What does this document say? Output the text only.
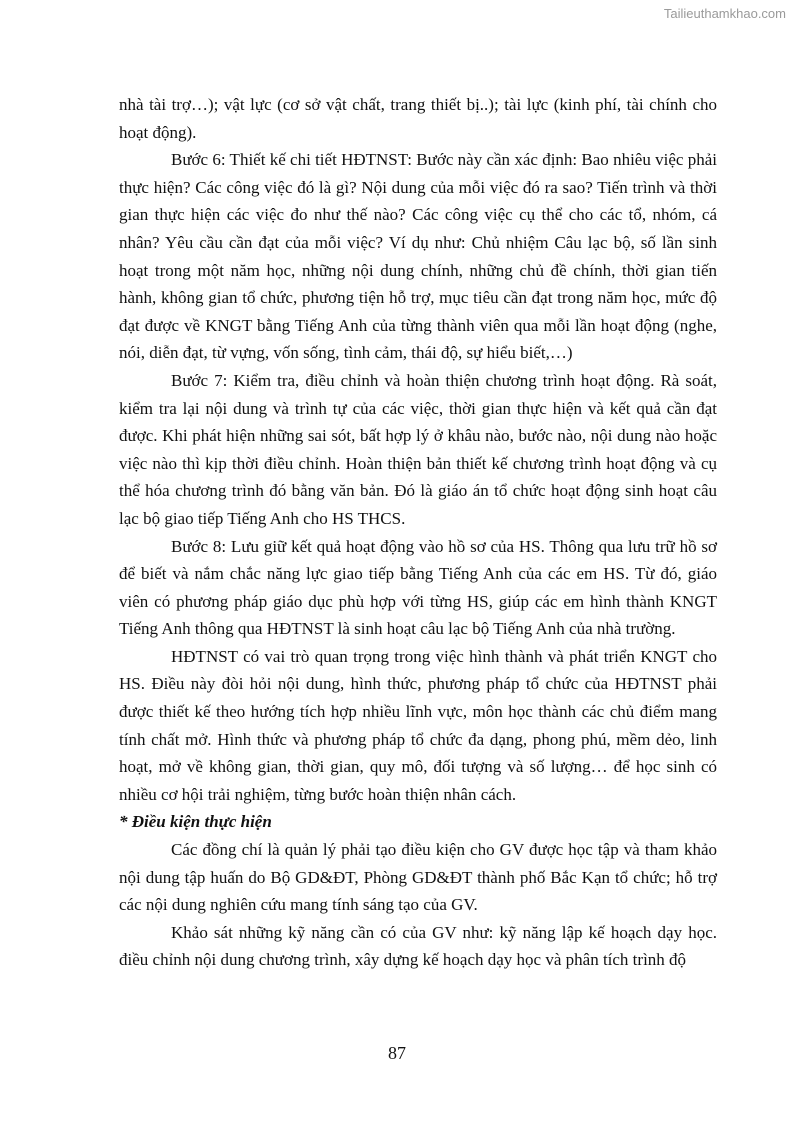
Tailieuthamkhao.com

nhà tài trợ…); vật lực (cơ sở vật chất, trang thiết bị..); tài lực (kinh phí, tài chính cho hoạt động).

Bước 6: Thiết kế chi tiết HĐTNST: Bước này cần xác định: Bao nhiêu việc phải thực hiện? Các công việc đó là gì? Nội dung của mỗi việc đó ra sao? Tiến trình và thời gian thực hiện các việc đo như thế nào? Các công việc cụ thể cho các tổ, nhóm, cá nhân? Yêu cầu cần đạt của mỗi việc? Ví dụ như: Chủ nhiệm Câu lạc bộ, số lần sinh hoạt trong một năm học, những nội dung chính, những chủ đề chính, thời gian tiến hành, không gian tổ chức, phương tiện hỗ trợ, mục tiêu cần đạt trong năm học, mức độ đạt được về KNGT bằng Tiếng Anh của từng thành viên qua mỗi lần hoạt động (nghe, nói, diễn đạt, từ vựng, vốn sống, tình cảm, thái độ, sự hiểu biết,…)

Bước 7: Kiểm tra, điều chỉnh và hoàn thiện chương trình hoạt động. Rà soát, kiểm tra lại nội dung và trình tự của các việc, thời gian thực hiện và kết quả cần đạt được. Khi phát hiện những sai sót, bất hợp lý ở khâu nào, bước nào, nội dung nào hoặc việc nào thì kịp thời điều chỉnh. Hoàn thiện bản thiết kế chương trình hoạt động và cụ thể hóa chương trình đó bằng văn bản. Đó là giáo án tổ chức hoạt động sinh hoạt câu lạc bộ giao tiếp Tiếng Anh cho HS THCS.

Bước 8: Lưu giữ kết quả hoạt động vào hồ sơ của HS. Thông qua lưu trữ hồ sơ để biết và nắm chắc năng lực giao tiếp bằng Tiếng Anh của các em HS. Từ đó, giáo viên có phương pháp giáo dục phù hợp với từng HS, giúp các em hình thành KNGT Tiếng Anh thông qua HĐTNST là sinh hoạt câu lạc bộ Tiếng Anh của nhà trường.

HĐTNST có vai trò quan trọng trong việc hình thành và phát triển KNGT cho HS. Điều này đòi hỏi nội dung, hình thức, phương pháp tổ chức của HĐTNST phải được thiết kế theo hướng tích hợp nhiều lĩnh vực, môn học thành các chủ điểm mang tính chất mở. Hình thức và phương pháp tổ chức đa dạng, phong phú, mềm dẻo, linh hoạt, mở về không gian, thời gian, quy mô, đối tượng và số lượng… để học sinh có nhiều cơ hội trải nghiệm, từng bước hoàn thiện nhân cách.

* Điều kiện thực hiện

Các đồng chí là quản lý phải tạo điều kiện cho GV được học tập và tham khảo nội dung tập huấn do Bộ GD&ĐT, Phòng GD&ĐT thành phố Bắc Kạn tổ chức; hỗ trợ các nội dung nghiên cứu mang tính sáng tạo của GV.

Khảo sát những kỹ năng cần có của GV như: kỹ năng lập kế hoạch dạy học. điều chỉnh nội dung chương trình, xây dựng kế hoạch dạy học và phân tích trình độ

87
